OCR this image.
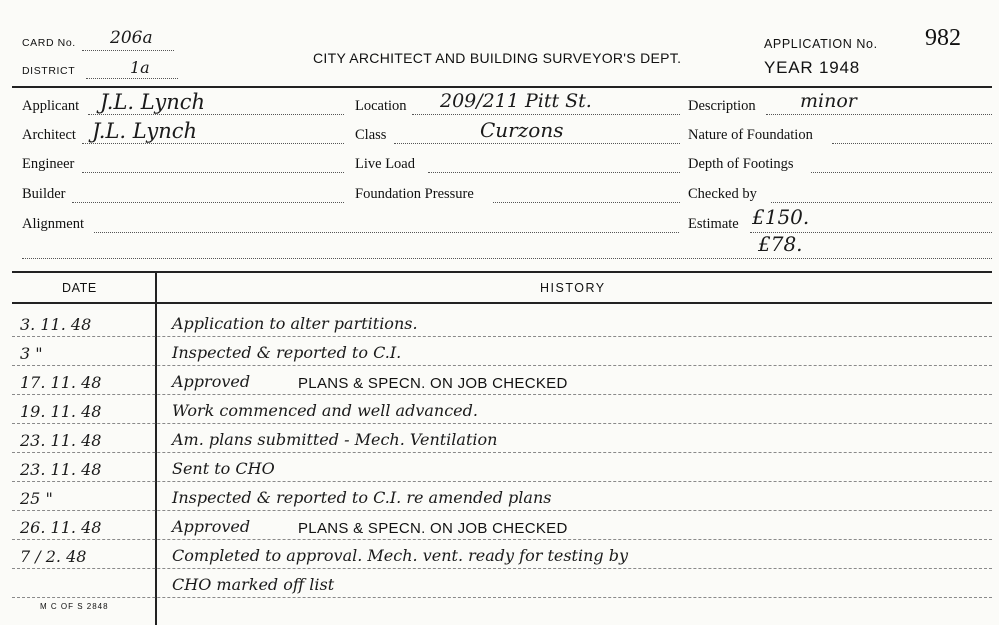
CARD No. 206a
DISTRICT	1a	CITY ARCHITECT AND BUILDING SURVEYOR'S DEPT.
APPLICATION No. 982
YEAR 1948
Applicant J.L. Lynch
Architect J.L. Lynch
Engineer
Builder
Alignment
Location 209/211 Pitt St.
Class	Curzons
Live Load
Foundation Pressure
Description minor
Nature of Foundation
Depth of Footings
Checked by
Estimate £150.
£78.
DATE	HISTORY
3. 11. 48	Application to alter partitions.
3 "	Inspected & reported to C.I.
17. 11. 48	Approved	PLANS & SPECN. ON JOB CHECKED
19. 11. 48	Work commenced and well advanced.
23. 11. 48	Am. plans submitted - Mech. Ventilation
23. 11. 48	Sent to CHO
25 "	Inspected & reported to C.I. re amended plans
26. 11. 48	Approved	PLANS & SPECN. ON JOB CHECKED
7 / 2. 48	Completed to approval. Mech. vent. ready for testing by
CHO marked off list
M C OF S 2848
